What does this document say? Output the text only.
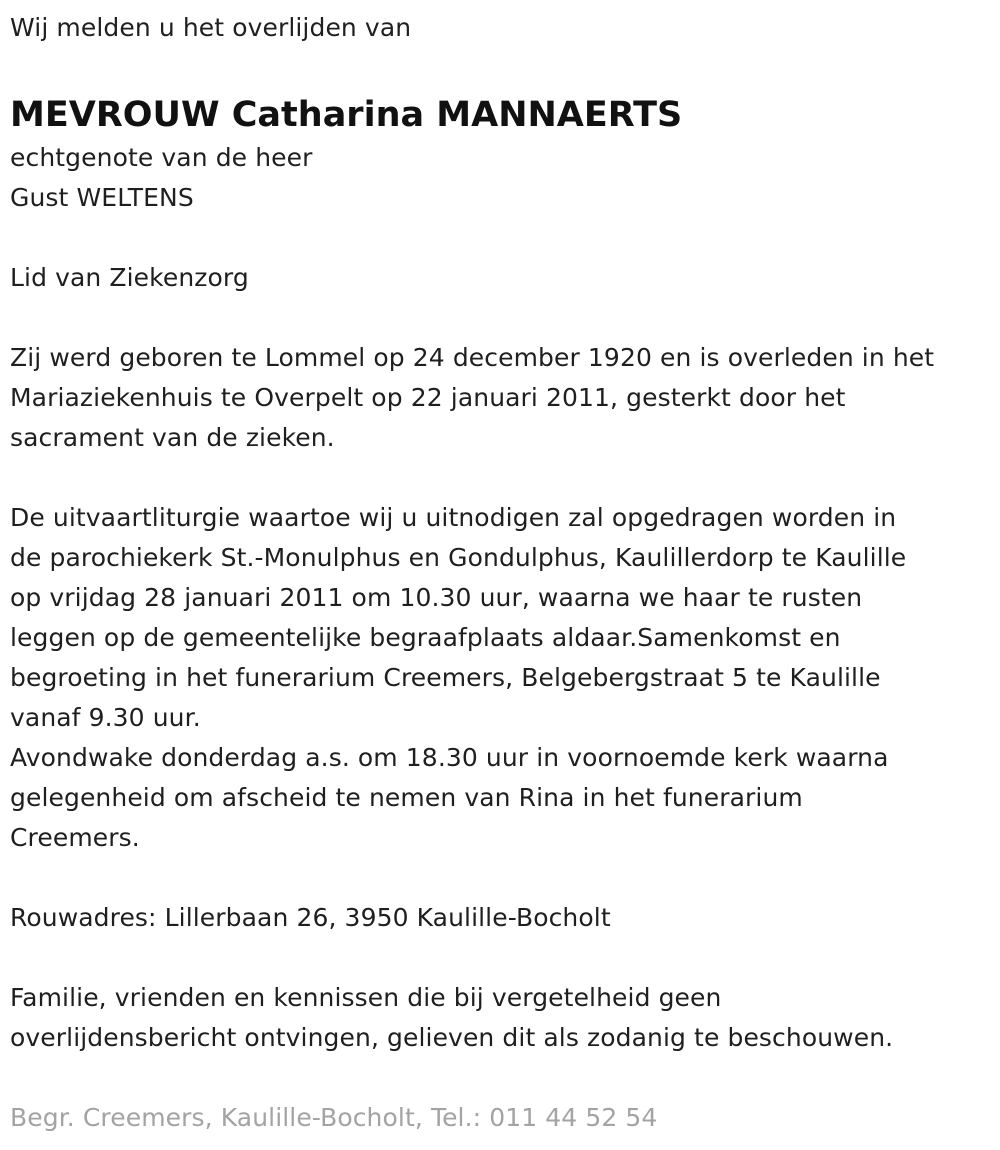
Wij melden u het overlijden van
MEVROUW Catharina MANNAERTS
echtgenote van de heer
Gust WELTENS
Lid van Ziekenzorg
Zij werd geboren te Lommel op 24 december 1920 en is overleden in het
Mariaziekenhuis te Overpelt op 22 januari 2011, gesterkt door het
sacrament van de zieken.
De uitvaartliturgie waartoe wij u uitnodigen zal opgedragen worden in
de parochiekerk St.-Monulphus en Gondulphus, Kaulillerdorp te Kaulille
op vrijdag 28 januari 2011 om 10.30 uur, waarna we haar te rusten
leggen op de gemeentelijke begraafplaats aldaar.Samenkomst en
begroeting in het funerarium Creemers, Belgebergstraat 5 te Kaulille
vanaf 9.30 uur.
Avondwake donderdag a.s. om 18.30 uur in voornoemde kerk waarna
gelegenheid om afscheid te nemen van Rina in het funerarium
Creemers.
Rouwadres: Lillerbaan 26, 3950 Kaulille-Bocholt
Familie, vrienden en kennissen die bij vergetelheid geen
overlijdensbericht ontvingen, gelieven dit als zodanig te beschouwen.
Begr. Creemers, Kaulille-Bocholt, Tel.: 011 44 52 54
